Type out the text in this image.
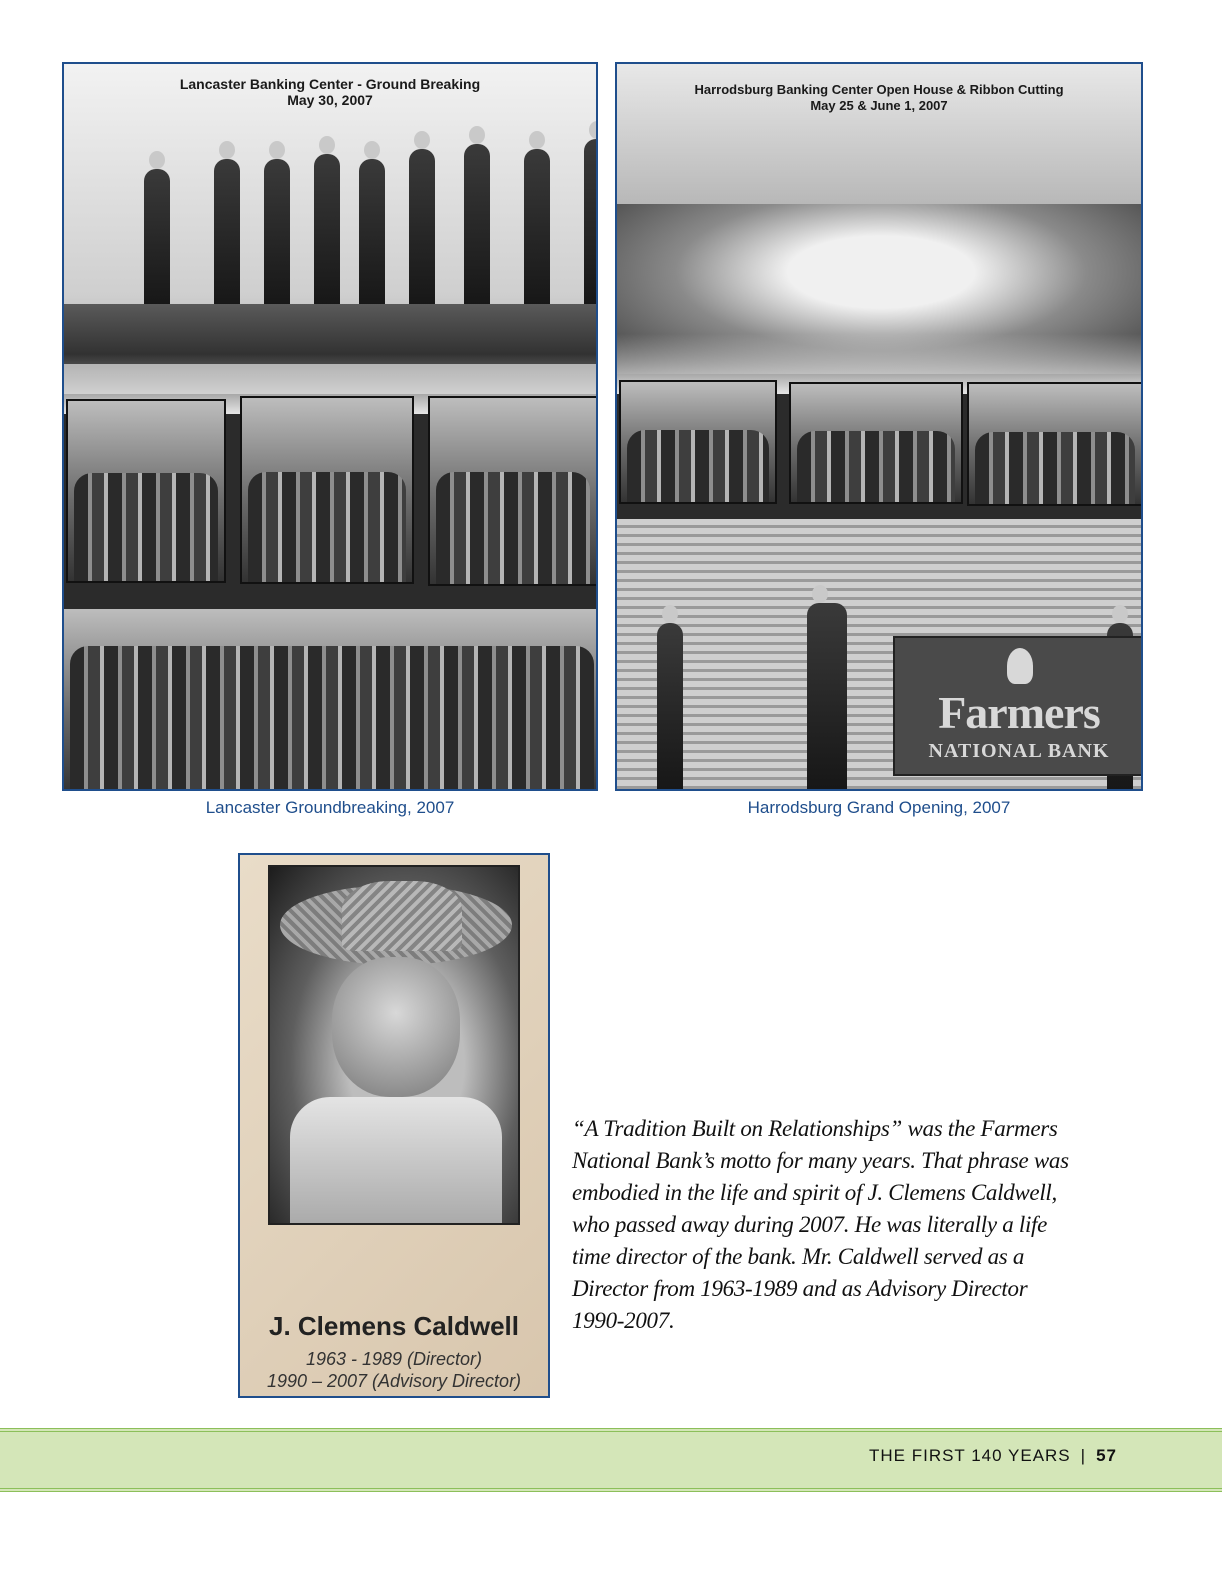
Lancaster Banking Center - Ground Breaking
May 30, 2007
Lancaster Groundbreaking, 2007
Harrodsburg Banking Center Open House & Ribbon Cutting
May 25 & June 1, 2007
Farmers
NATIONAL BANK
Harrodsburg Grand Opening, 2007
J. Clemens Caldwell
1963 - 1989 (Director)
1990 – 2007 (Advisory Director)
“A Tradition Built on Relationships” was the Farmers National Bank’s motto for many years. That phrase was embodied in the life and spirit of J. Clemens Caldwell, who passed away during 2007. He was literally a life time director of the bank. Mr. Caldwell served as a Director from 1963-1989 and as Advisory Director 1990-2007.
THE FIRST 140 YEARS | 57
